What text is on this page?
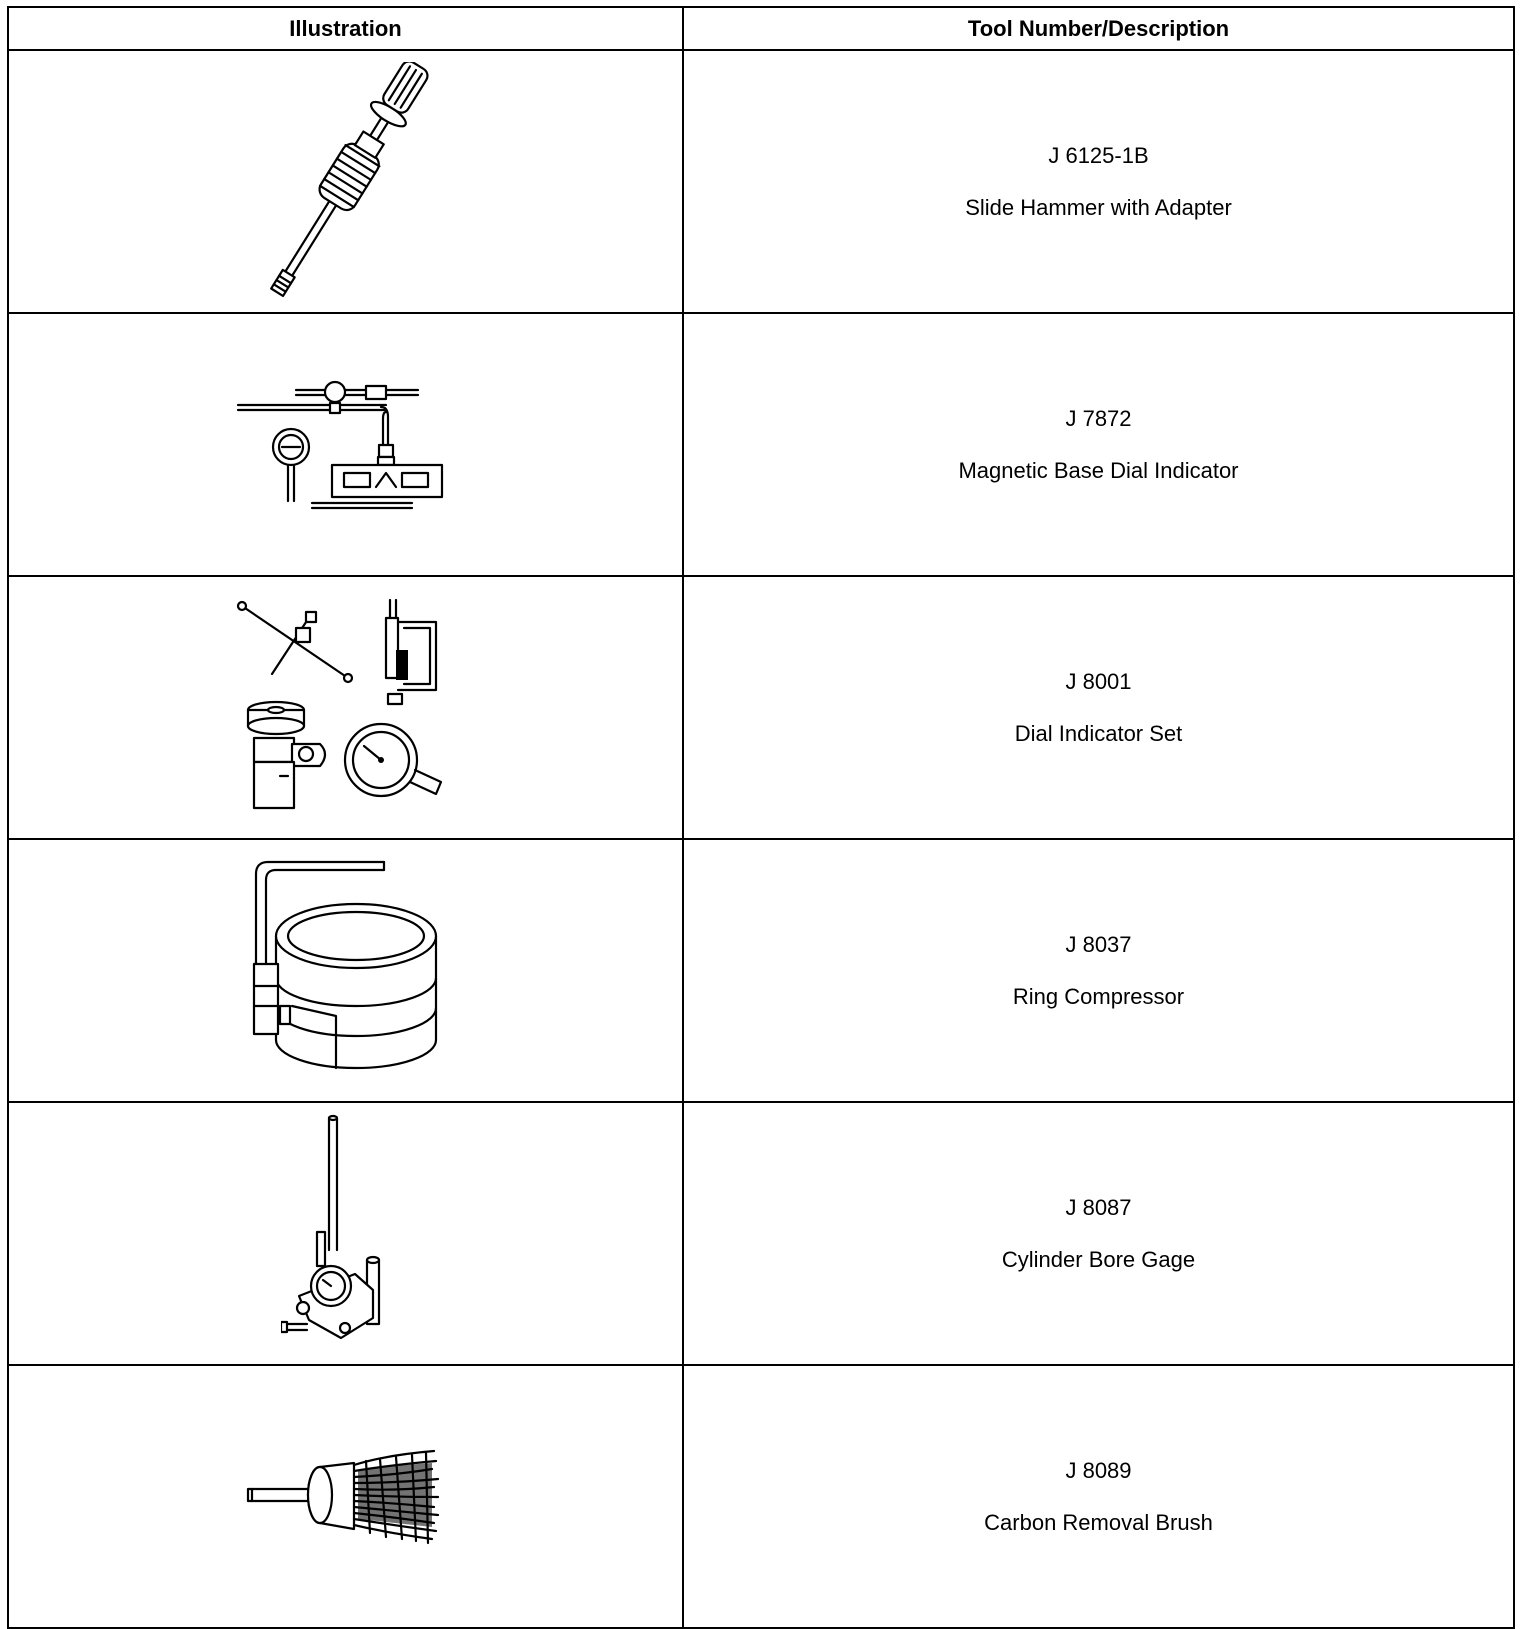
Illustration	Tool Number/Description

J 6125-1B
Slide Hammer with Adapter

J 7872
Magnetic Base Dial Indicator

J 8001
Dial Indicator Set

J 8037
Ring Compressor

J 8087
Cylinder Bore Gage

J 8089
Carbon Removal Brush
